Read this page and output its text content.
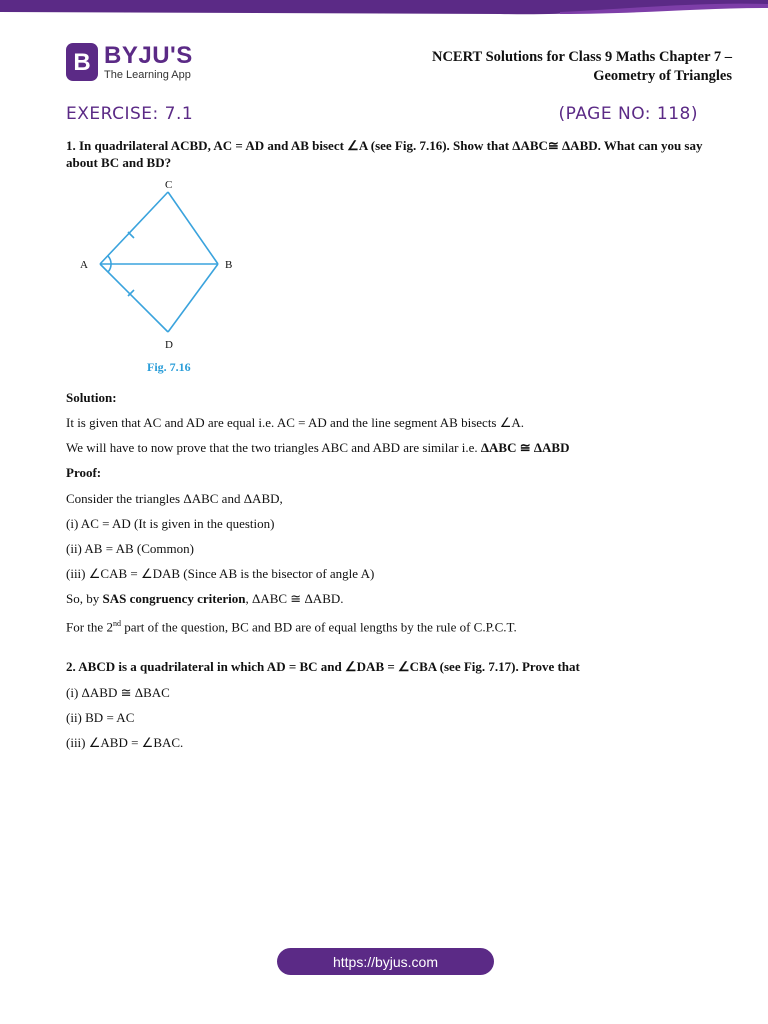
B BYJU'S
The Learning App
NCERT Solutions for Class 9 Maths Chapter 7 –
Geometry of Triangles
EXERCISE: 7.1	(PAGE NO: 118)
1. In quadrilateral ACBD, AC = AD and AB bisect ∠A (see Fig. 7.16). Show that ΔABC≅ ΔABD. What can you say about BC and BD?
C
A	B
D
Fig. 7.16
Solution:
It is given that AC and AD are equal i.e. AC = AD and the line segment AB bisects ∠A.
We will have to now prove that the two triangles ABC and ABD are similar i.e. ΔABC ≅ ΔABD
Proof:
Consider the triangles ΔABC and ΔABD,
(i) AC = AD (It is given in the question)
(ii) AB = AB (Common)
(iii) ∠CAB = ∠DAB (Since AB is the bisector of angle A)
So, by SAS congruency criterion, ΔABC ≅ ΔABD.
For the 2nd part of the question, BC and BD are of equal lengths by the rule of C.P.C.T.
2. ABCD is a quadrilateral in which AD = BC and ∠DAB = ∠CBA (see Fig. 7.17). Prove that
(i) ΔABD ≅ ΔBAC
(ii) BD = AC
(iii) ∠ABD = ∠BAC.
https://byjus.com
